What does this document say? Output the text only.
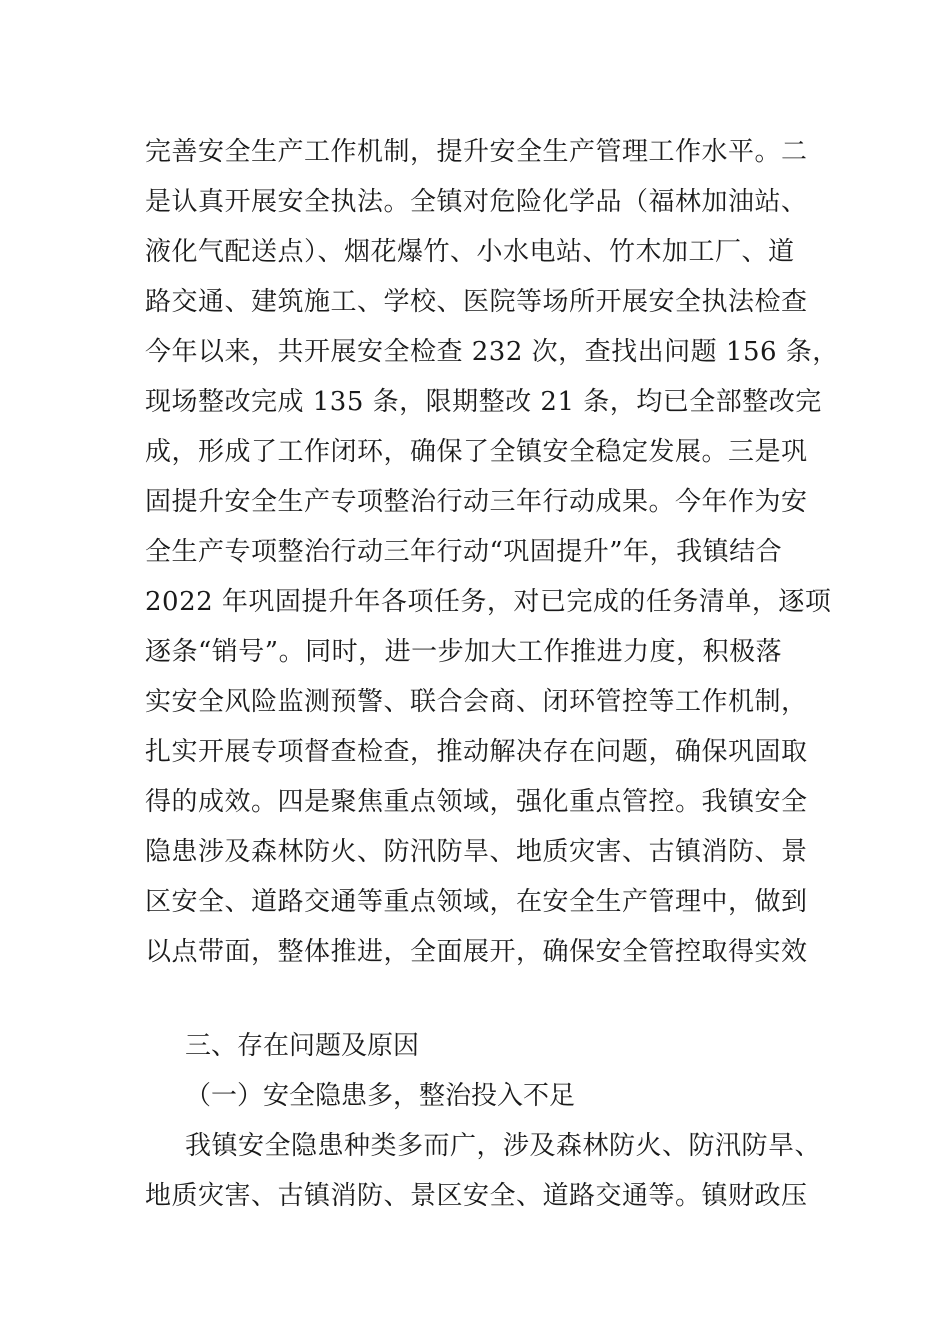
完善安全生产工作机制，提升安全生产管理工作水平。二
是认真开展安全执法。全镇对危险化学品（福林加油站、
液化气配送点）、烟花爆竹、小水电站、竹木加工厂、道
路交通、建筑施工、学校、医院等场所开展安全执法检查
今年以来，共开展安全检查 232 次，查找出问题 156 条，
现场整改完成 135 条，限期整改 21 条，均已全部整改完
成，形成了工作闭环，确保了全镇安全稳定发展。三是巩
固提升安全生产专项整治行动三年行动成果。今年作为安
全生产专项整治行动三年行动“巩固提升”年，我镇结合
2022 年巩固提升年各项任务，对已完成的任务清单，逐项
逐条“销号”。同时，进一步加大工作推进力度，积极落
实安全风险监测预警、联合会商、闭环管控等工作机制，
扎实开展专项督查检查，推动解决存在问题，确保巩固取
得的成效。四是聚焦重点领域，强化重点管控。我镇安全
隐患涉及森林防火、防汛防旱、地质灾害、古镇消防、景
区安全、道路交通等重点领域，在安全生产管理中，做到
以点带面，整体推进，全面展开，确保安全管控取得实效
三、存在问题及原因
（一）安全隐患多，整治投入不足
我镇安全隐患种类多而广，涉及森林防火、防汛防旱、
地质灾害、古镇消防、景区安全、道路交通等。镇财政压
